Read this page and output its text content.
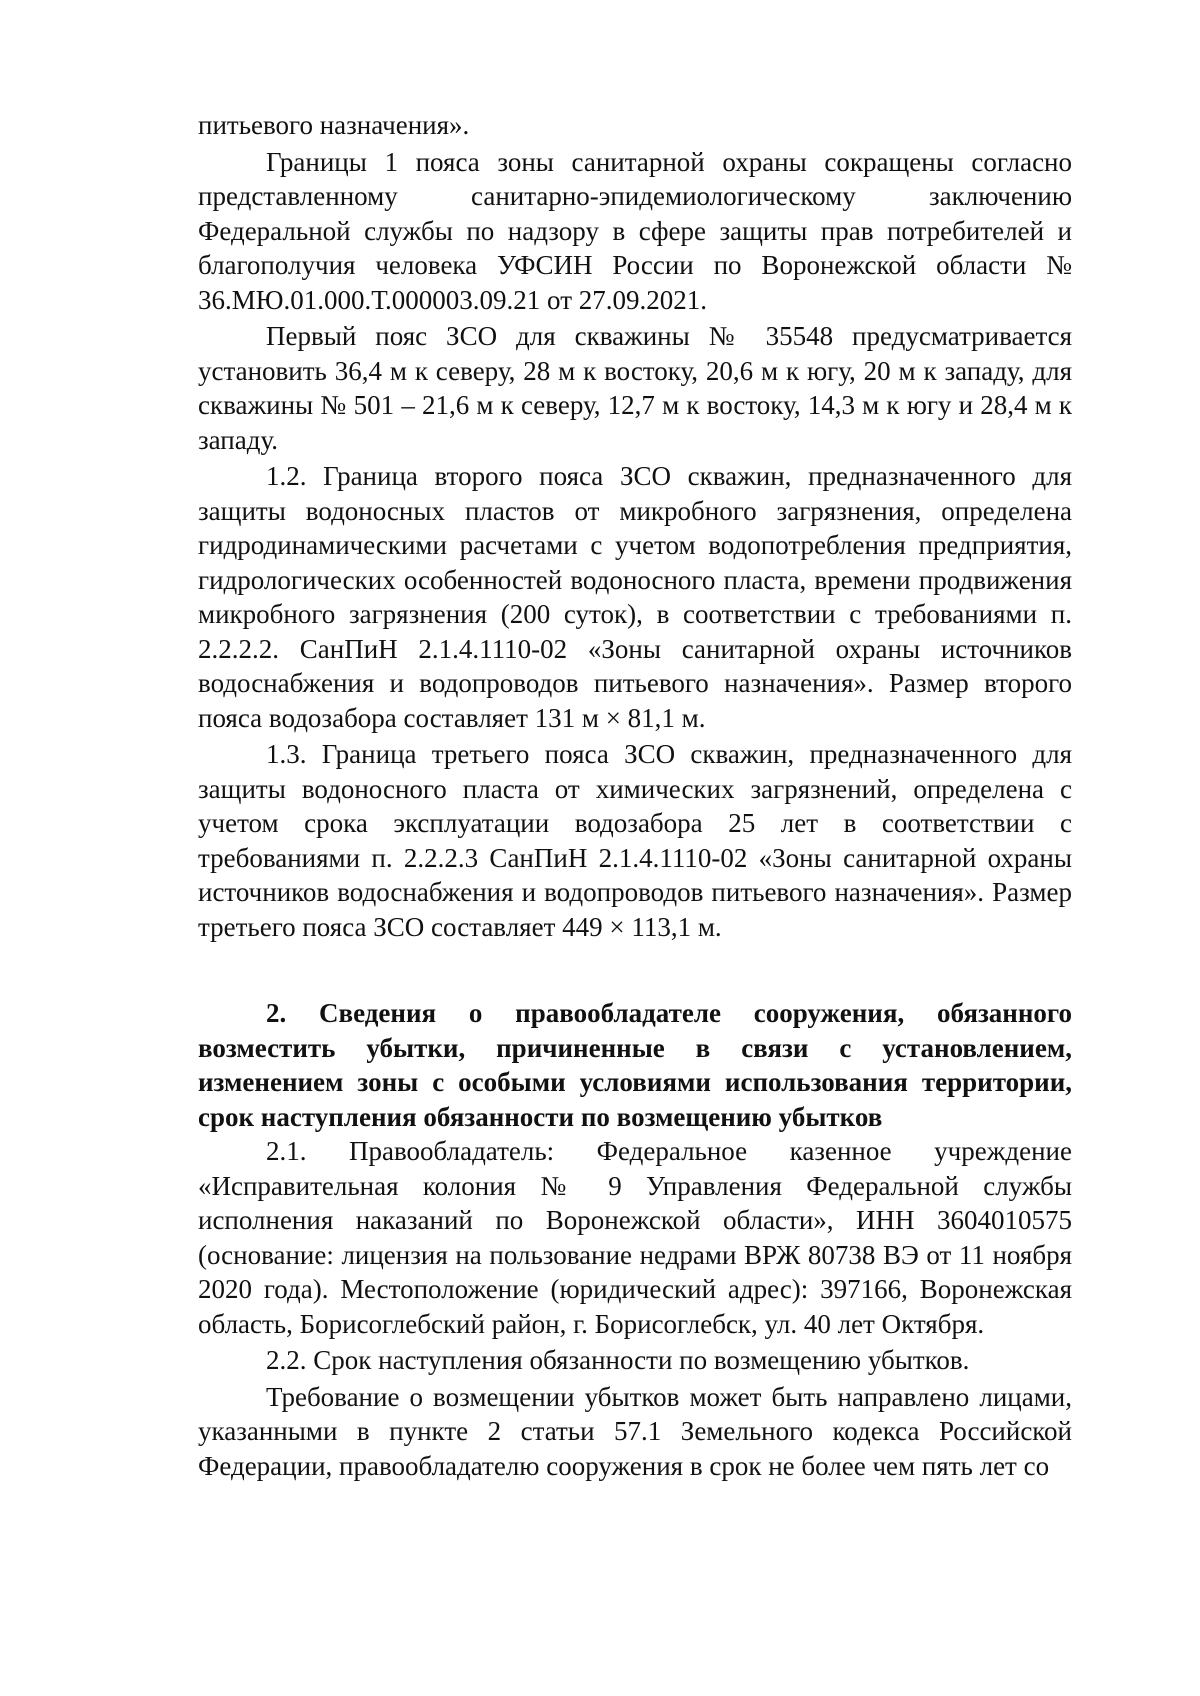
питьевого назначения».

Границы 1 пояса зоны санитарной охраны сокращены согласно представленному санитарно-эпидемиологическому заключению Федеральной службы по надзору в сфере защиты прав потребителей и благополучия человека УФСИН России по Воронежской области № 36.МЮ.01.000.Т.000003.09.21 от 27.09.2021.

Первый пояс ЗСО для скважины № 35548 предусматривается установить 36,4 м к северу, 28 м к востоку, 20,6 м к югу, 20 м к западу, для скважины № 501 – 21,6 м к северу, 12,7 м к востоку, 14,3 м к югу и 28,4 м к западу.

1.2. Граница второго пояса ЗСО скважин, предназначенного для защиты водоносных пластов от микробного загрязнения, определена гидродинамическими расчетами с учетом водопотребления предприятия, гидрологических особенностей водоносного пласта, времени продвижения микробного загрязнения (200 суток), в соответствии с требованиями п. 2.2.2.2. СанПиН 2.1.4.1110-02 «Зоны санитарной охраны источников водоснабжения и водопроводов питьевого назначения». Размер второго пояса водозабора составляет 131 м × 81,1 м.

1.3. Граница третьего пояса ЗСО скважин, предназначенного для защиты водоносного пласта от химических загрязнений, определена с учетом срока эксплуатации водозабора 25 лет в соответствии с требованиями п. 2.2.2.3 СанПиН 2.1.4.1110-02 «Зоны санитарной охраны источников водоснабжения и водопроводов питьевого назначения». Размер третьего пояса ЗСО составляет 449 × 113,1 м.

2. Сведения о правообладателе сооружения, обязанного возместить убытки, причиненные в связи с установлением, изменением зоны с особыми условиями использования территории, срок наступления обязанности по возмещению убытков

2.1. Правообладатель: Федеральное казенное учреждение «Исправительная колония № 9 Управления Федеральной службы исполнения наказаний по Воронежской области», ИНН 3604010575 (основание: лицензия на пользование недрами ВРЖ 80738 ВЭ от 11 ноября 2020 года). Местоположение (юридический адрес): 397166, Воронежская область, Борисоглебский район, г. Борисоглебск, ул. 40 лет Октября.

2.2. Срок наступления обязанности по возмещению убытков.

Требование о возмещении убытков может быть направлено лицами, указанными в пункте 2 статьи 57.1 Земельного кодекса Российской Федерации, правообладателю сооружения в срок не более чем пять лет со
